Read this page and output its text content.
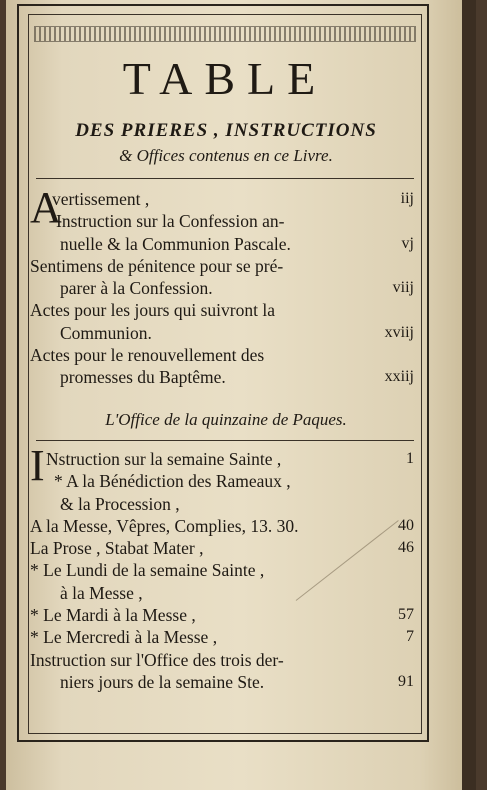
TABLE
DES PRIERES , INSTRUCTIONS
& Offices contenus en ce Livre.
A
vertissement ,	iij
Instruction sur la Confession an-
nuelle & la Communion Pascale.	vj
Sentimens de pénitence pour se pré-
parer à la Confession.	viij
Actes pour les jours qui suivront la
Communion.	xviij
Actes pour le renouvellement des
promesses du Baptême.	xxiij
L'Office de la quinzaine de Paques.
I Nstruction sur la semaine Sainte ,	1
* A la Bénédiction des Rameaux ,
& la Procession ,
A la Messe, Vêpres, Complies, 13. 30.	40
La Prose , Stabat Mater ,	46
* Le Lundi de la semaine Sainte ,
à la Messe ,
* Le Mardi à la Messe ,	57
* Le Mercredi à la Messe ,	7
Instruction sur l'Office des trois der-
niers jours de la semaine Ste.	91
